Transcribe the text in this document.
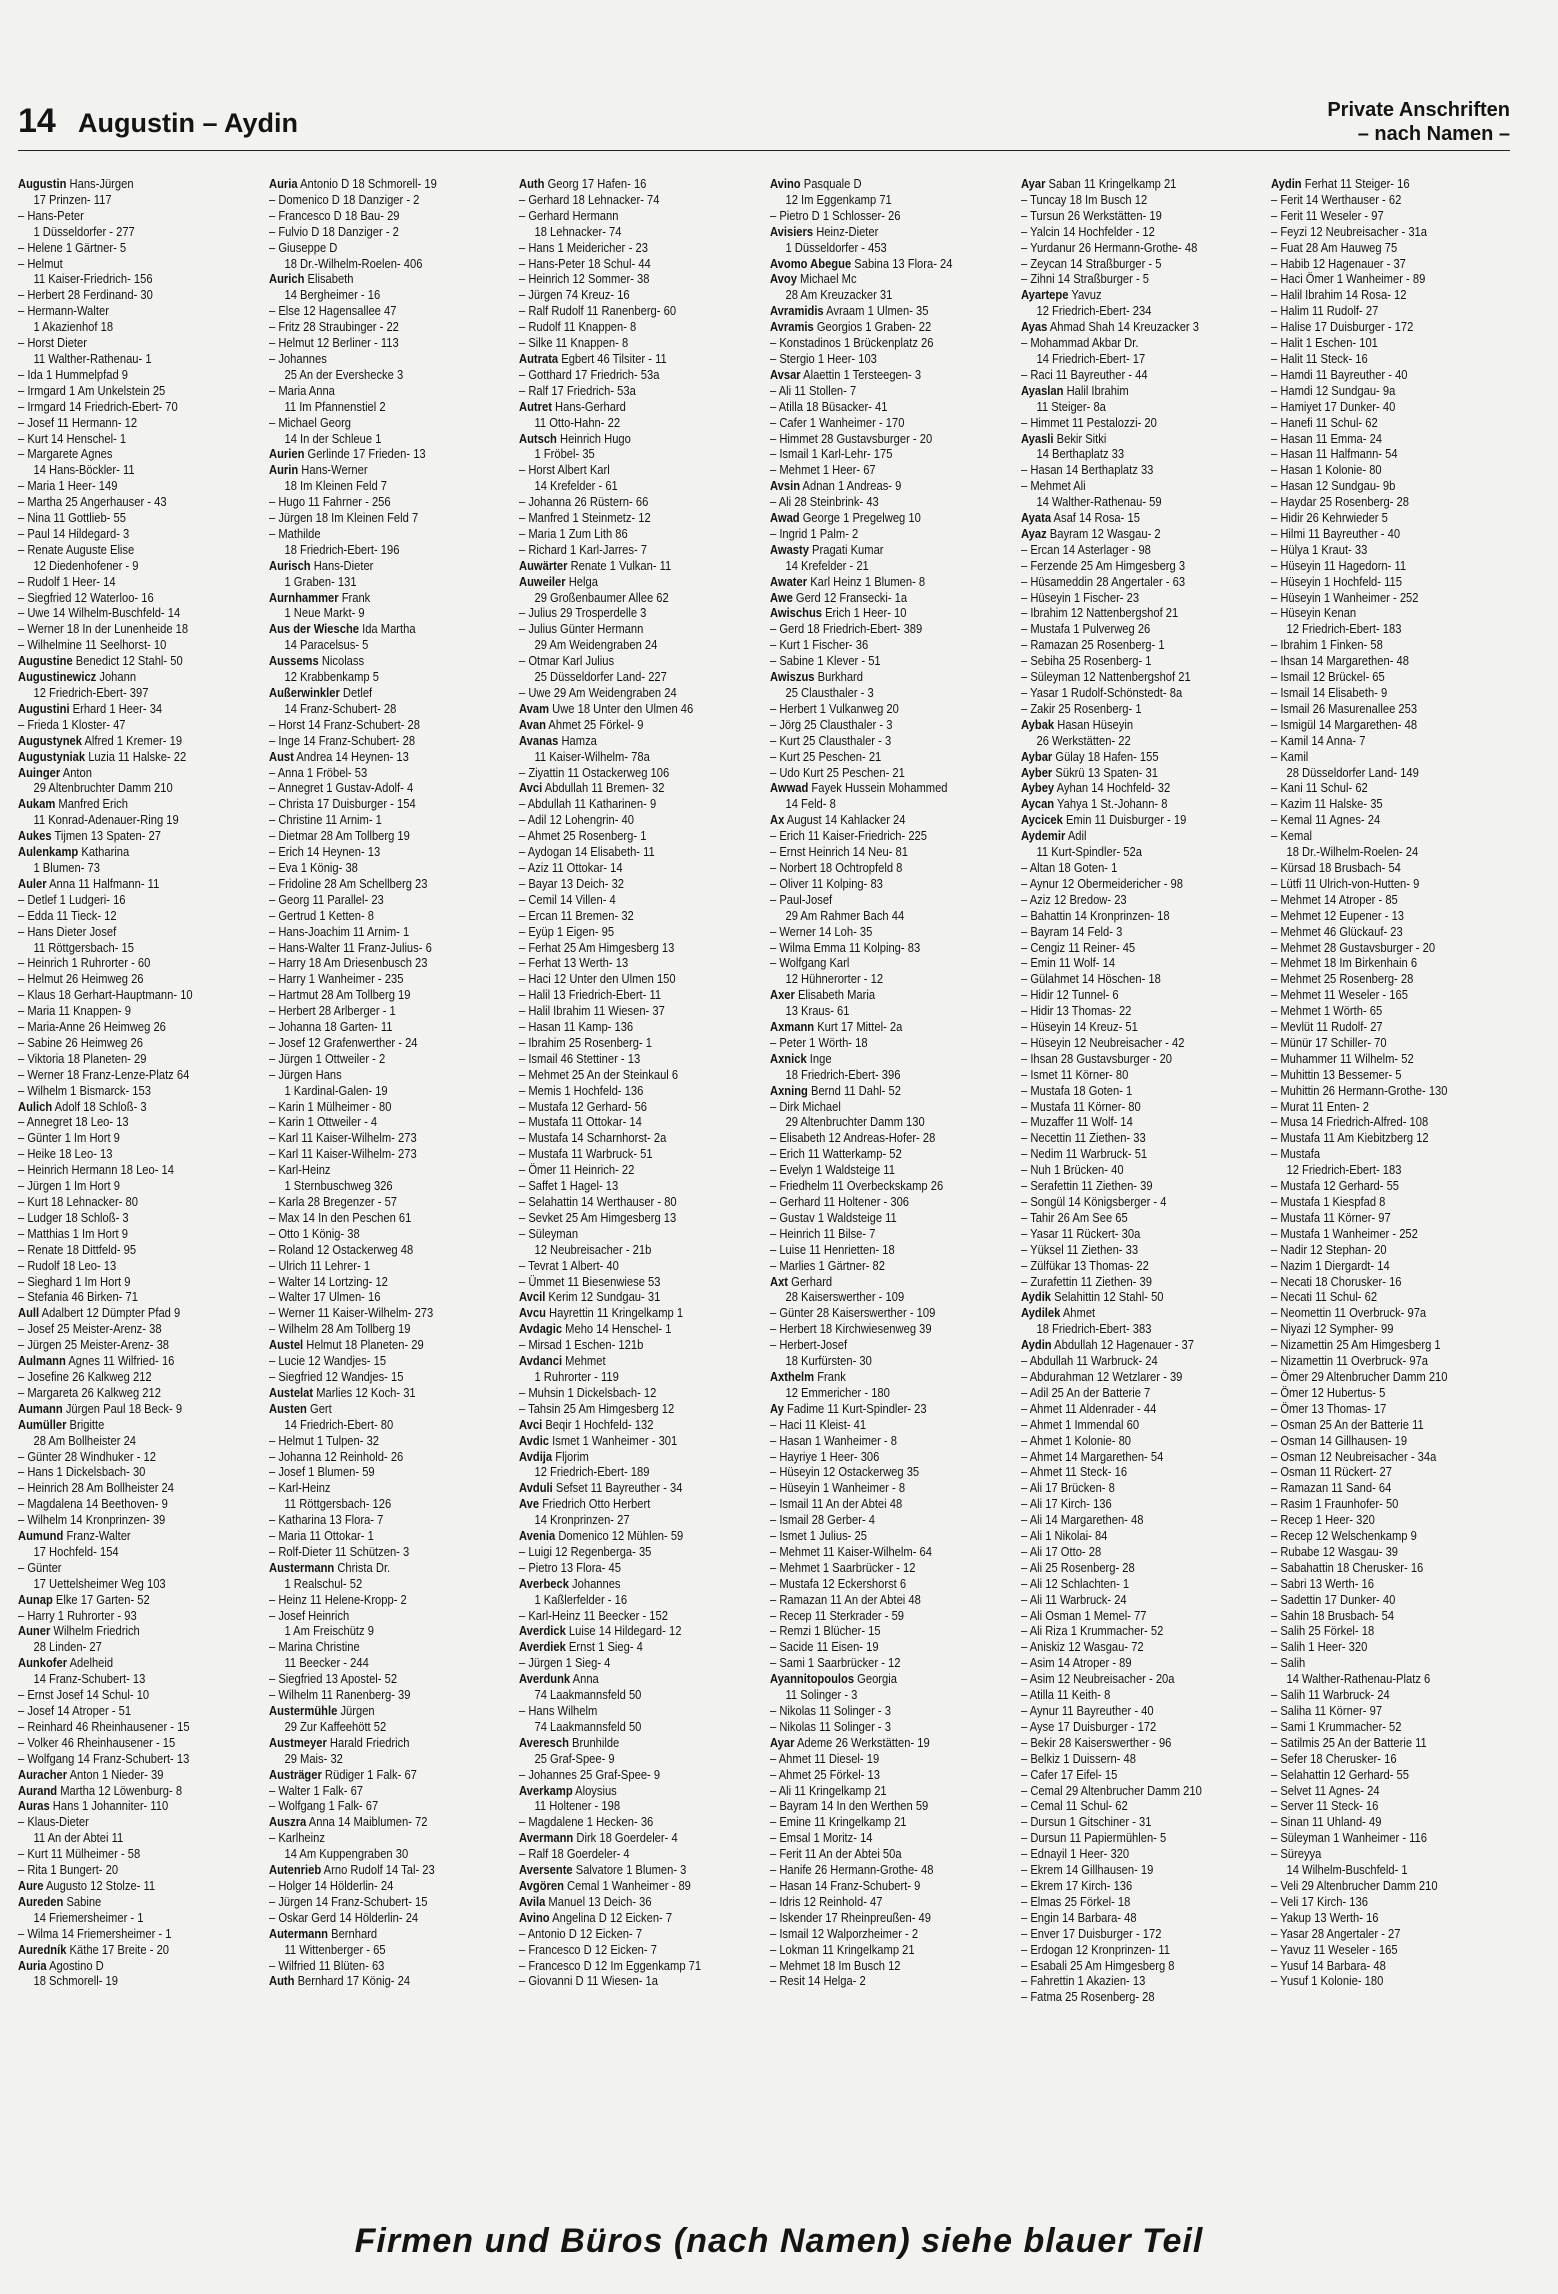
14 Augustin – Aydin	Private Anschriften
– nach Namen –
Augustin Hans-Jürgen
17 Prinzen- 117
– Hans-Peter
1 Düsseldorfer - 277
– Helene 1 Gärtner- 5
– Helmut
11 Kaiser-Friedrich- 156
– Herbert 28 Ferdinand- 30
– Hermann-Walter
1 Akazienhof 18
– Horst Dieter
11 Walther-Rathenau- 1
– Ida 1 Hummelpfad 9
– Irmgard 1 Am Unkelstein 25
– Irmgard 14 Friedrich-Ebert- 70
– Josef 11 Hermann- 12
– Kurt 14 Henschel- 1
– Margarete Agnes
14 Hans-Böckler- 11
– Maria 1 Heer- 149
– Martha 25 Angerhauser - 43
– Nina 11 Gottlieb- 55
– Paul 14 Hildegard- 3
– Renate Auguste Elise
12 Diedenhofener - 9
– Rudolf 1 Heer- 14
– Siegfried 12 Waterloo- 16
– Uwe 14 Wilhelm-Buschfeld- 14
– Werner 18 In der Lunenheide 18
– Wilhelmine 11 Seelhorst- 10
Augustine Benedict 12 Stahl- 50
Augustinewicz Johann
12 Friedrich-Ebert- 397
Augustini Erhard 1 Heer- 34
– Frieda 1 Kloster- 47
Augustynek Alfred 1 Kremer- 19
Augustyniak Luzia 11 Halske- 22
Auinger Anton
29 Altenbruchter Damm 210
Aukam Manfred Erich
11 Konrad-Adenauer-Ring 19
Aukes Tijmen 13 Spaten- 27
Aulenkamp Katharina
1 Blumen- 73
Auler Anna 11 Halfmann- 11
– Detlef 1 Ludgeri- 16
– Edda 11 Tieck- 12
– Hans Dieter Josef
11 Röttgersbach- 15
– Heinrich 1 Ruhrorter - 60
– Helmut 26 Heimweg 26
– Klaus 18 Gerhart-Hauptmann- 10
– Maria 11 Knappen- 9
– Maria-Anne 26 Heimweg 26
– Sabine 26 Heimweg 26
– Viktoria 18 Planeten- 29
– Werner 18 Franz-Lenze-Platz 64
– Wilhelm 1 Bismarck- 153
Aulich Adolf 18 Schloß- 3
– Annegret 18 Leo- 13
– Günter 1 Im Hort 9
– Heike 18 Leo- 13
– Heinrich Hermann 18 Leo- 14
– Jürgen 1 Im Hort 9
– Kurt 18 Lehnacker- 80
– Ludger 18 Schloß- 3
– Matthias 1 Im Hort 9
– Renate 18 Dittfeld- 95
– Rudolf 18 Leo- 13
– Sieghard 1 Im Hort 9
– Stefania 46 Birken- 71
Aull Adalbert 12 Dümpter Pfad 9
– Josef 25 Meister-Arenz- 38
– Jürgen 25 Meister-Arenz- 38
Aulmann Agnes 11 Wilfried- 16
– Josefine 26 Kalkweg 212
– Margareta 26 Kalkweg 212
Aumann Jürgen Paul 18 Beck- 9
Aumüller Brigitte
28 Am Bollheister 24
– Günter 28 Windhuker - 12
– Hans 1 Dickelsbach- 30
– Heinrich 28 Am Bollheister 24
– Magdalena 14 Beethoven- 9
– Wilhelm 14 Kronprinzen- 39
Aumund Franz-Walter
17 Hochfeld- 154
– Günter
17 Uettelsheimer Weg 103
Aunap Elke 17 Garten- 52
– Harry 1 Ruhrorter - 93
Auner Wilhelm Friedrich
28 Linden- 27
Aunkofer Adelheid
14 Franz-Schubert- 13
– Ernst Josef 14 Schul- 10
– Josef 14 Atroper - 51
– Reinhard 46 Rheinhausener - 15
– Volker 46 Rheinhausener - 15
– Wolfgang 14 Franz-Schubert- 13
Auracher Anton 1 Nieder- 39
Aurand Martha 12 Löwenburg- 8
Auras Hans 1 Johanniter- 110
– Klaus-Dieter
11 An der Abtei 11
– Kurt 11 Mülheimer - 58
– Rita 1 Bungert- 20
Aure Augusto 12 Stolze- 11
Aureden Sabine
14 Friemersheimer - 1
– Wilma 14 Friemersheimer - 1
Auredník Käthe 17 Breite - 20
Auria Agostino D
18 Schmorell- 19
Auria Antonio D 18 Schmorell- 19
– Domenico D 18 Danziger - 2
– Francesco D 18 Bau- 29
– Fulvio D 18 Danziger - 2
– Giuseppe D
18 Dr.-Wilhelm-Roelen- 406
Aurich Elisabeth
14 Bergheimer - 16
– Else 12 Hagensallee 47
– Fritz 28 Straubinger - 22
– Helmut 12 Berliner - 113
– Johannes
25 An der Evershecke 3
– Maria Anna
11 Im Pfannenstiel 2
– Michael Georg
14 In der Schleue 1
Aurien Gerlinde 17 Frieden- 13
Aurin Hans-Werner
18 Im Kleinen Feld 7
– Hugo 11 Fahrner - 256
– Jürgen 18 Im Kleinen Feld 7
– Mathilde
18 Friedrich-Ebert- 196
Aurisch Hans-Dieter
1 Graben- 131
Aurnhammer Frank
1 Neue Markt- 9
Aus der Wiesche Ida Martha
14 Paracelsus- 5
Aussems Nicolass
12 Krabbenkamp 5
Außerwinkler Detlef
14 Franz-Schubert- 28
– Horst 14 Franz-Schubert- 28
– Inge 14 Franz-Schubert- 28
Aust Andrea 14 Heynen- 13
– Anna 1 Fröbel- 53
– Annegret 1 Gustav-Adolf- 4
– Christa 17 Duisburger - 154
– Christine 11 Arnim- 1
– Dietmar 28 Am Tollberg 19
– Erich 14 Heynen- 13
– Eva 1 König- 38
– Fridoline 28 Am Schellberg 23
– Georg 11 Parallel- 23
– Gertrud 1 Ketten- 8
– Hans-Joachim 11 Arnim- 1
– Hans-Walter 11 Franz-Julius- 6
– Harry 18 Am Driesenbusch 23
– Harry 1 Wanheimer - 235
– Hartmut 28 Am Tollberg 19
– Herbert 28 Arlberger - 1
– Johanna 18 Garten- 11
– Josef 12 Grafenwerther - 24
– Jürgen 1 Ottweiler - 2
– Jürgen Hans
1 Kardinal-Galen- 19
– Karin 1 Mülheimer - 80
– Karin 1 Ottweiler - 4
– Karl 11 Kaiser-Wilhelm- 273
– Karl 11 Kaiser-Wilhelm- 273
– Karl-Heinz
1 Sternbuschweg 326
– Karla 28 Bregenzer - 57
– Max 14 In den Peschen 61
– Otto 1 König- 38
– Roland 12 Ostackerweg 48
– Ulrich 11 Lehrer- 1
– Walter 14 Lortzing- 12
– Walter 17 Ulmen- 16
– Werner 11 Kaiser-Wilhelm- 273
– Wilhelm 28 Am Tollberg 19
Austel Helmut 18 Planeten- 29
– Lucie 12 Wandjes- 15
– Siegfried 12 Wandjes- 15
Austelat Marlies 12 Koch- 31
Austen Gert
14 Friedrich-Ebert- 80
– Helmut 1 Tulpen- 32
– Johanna 12 Reinhold- 26
– Josef 1 Blumen- 59
– Karl-Heinz
11 Röttgersbach- 126
– Katharina 13 Flora- 7
– Maria 11 Ottokar- 1
– Rolf-Dieter 11 Schützen- 3
Austermann Christa Dr.
1 Realschul- 52
– Heinz 11 Helene-Kropp- 2
– Josef Heinrich
1 Am Freischütz 9
– Marina Christine
11 Beecker - 244
– Siegfried 13 Apostel- 52
– Wilhelm 11 Ranenberg- 39
Austermühle Jürgen
29 Zur Kaffeehött 52
Austmeyer Harald Friedrich
29 Mais- 32
Austräger Rüdiger 1 Falk- 67
– Walter 1 Falk- 67
– Wolfgang 1 Falk- 67
Auszra Anna 14 Maiblumen- 72
– Karlheinz
14 Am Kuppengraben 30
Autenrieb Arno Rudolf 14 Tal- 23
– Holger 14 Hölderlin- 24
– Jürgen 14 Franz-Schubert- 15
– Oskar Gerd 14 Hölderlin- 24
Autermann Bernhard
11 Wittenberger - 65
– Wilfried 11 Blüten- 63
Auth Bernhard 17 König- 24
Auth Georg 17 Hafen- 16
– Gerhard 18 Lehnacker- 74
– Gerhard Hermann
18 Lehnacker- 74
– Hans 1 Meiderichег - 23
– Hans-Peter 18 Schul- 44
– Heinrich 12 Sommer- 38
– Jürgen 74 Kreuz- 16
– Ralf Rudolf 11 Ranenberg- 60
– Rudolf 11 Knappen- 8
– Silke 11 Knappen- 8
Autrata Egbert 46 Tilsiter - 11
– Gotthard 17 Friedrich- 53a
– Ralf 17 Friedrich- 53a
Autret Hans-Gerhard
11 Otto-Hahn- 22
Autsch Heinrich Hugo
1 Fröbel- 35
– Horst Albert Karl
14 Krefelder - 61
– Johanna 26 Rüstern- 66
– Manfred 1 Steinmetz- 12
– Maria 1 Zum Lith 86
– Richard 1 Karl-Jarres- 7
Auwärter Renate 1 Vulkan- 11
Auweiler Helga
29 Großenbaumer Allee 62
– Julius 29 Trosperdelle 3
– Julius Günter Hermann
29 Am Weidengraben 24
– Otmar Karl Julius
25 Düsseldorfer Land- 227
– Uwe 29 Am Weidengraben 24
Avam Uwe 18 Unter den Ulmen 46
Avan Ahmet 25 Förkel- 9
Avanas Hamza
11 Kaiser-Wilhelm- 78a
– Ziyattin 11 Ostackerweg 106
Avci Abdullah 11 Bremen- 32
– Abdullah 11 Katharinen- 9
– Adil 12 Lohengrin- 40
– Ahmet 25 Rosenberg- 1
– Aydogan 14 Elisabeth- 11
– Aziz 11 Ottokar- 14
– Bayar 13 Deich- 32
– Cemil 14 Villen- 4
– Ercan 11 Bremen- 32
– Eyüp 1 Eigen- 95
– Ferhat 25 Am Himgesberg 13
– Ferhat 13 Werth- 13
– Haci 12 Unter den Ulmen 150
– Halil 13 Friedrich-Ebert- 11
– Halil Ibrahim 11 Wiesen- 37
– Hasan 11 Kamp- 136
– Ibrahim 25 Rosenberg- 1
– Ismail 46 Stettiner - 13
– Mehmet 25 An der Steinkaul 6
– Memis 1 Hochfeld- 136
– Mustafa 12 Gerhard- 56
– Mustafa 11 Ottokar- 14
– Mustafa 14 Scharnhorst- 2a
– Mustafa 11 Warbruck- 51
– Ömer 11 Heinrich- 22
– Saffet 1 Hagel- 13
– Selahattin 14 Werthauser - 80
– Sevket 25 Am Himgesberg 13
– Süleyman
12 Neubreisacher - 21b
– Tevrat 1 Albert- 40
– Ümmet 11 Biesenwiese 53
Avcil Kerim 12 Sundgau- 31
Avcu Hayrettin 11 Kringelkamp 1
Avdagic Meho 14 Henschel- 1
– Mirsad 1 Eschen- 121b
Avdanci Mehmet
1 Ruhrorter - 119
– Muhsin 1 Dickelsbach- 12
– Tahsin 25 Am Himgesberg 12
Avci Beqir 1 Hochfeld- 132
Avdic Ismet 1 Wanheimer - 301
Avdija Fljorim
12 Friedrich-Ebert- 189
Avduli Sefset 11 Bayreuther - 34
Ave Friedrich Otto Herbert
14 Kronprinzen- 27
Avenia Domenico 12 Mühlen- 59
– Luigi 12 Regenberga- 35
– Pietro 13 Flora- 45
Averbeck Johannes
1 Kaßlerfelder - 16
– Karl-Heinz 11 Beecker - 152
Averdick Luise 14 Hildegard- 12
Averdiek Ernst 1 Sieg- 4
– Jürgen 1 Sieg- 4
Averdunk Anna
74 Laakmannsfeld 50
– Hans Wilhelm
74 Laakmannsfeld 50
Averesch Brunhilde
25 Graf-Spee- 9
– Johannes 25 Graf-Spee- 9
Averkamp Aloysius
11 Holtener - 198
– Magdalene 1 Hecken- 36
Avermann Dirk 18 Goerdeler- 4
– Ralf 18 Goerdeler- 4
Aversente Salvatore 1 Blumen- 3
Avgören Cemal 1 Wanheimer - 89
Avila Manuel 13 Deich- 36
Avino Angelina D 12 Eicken- 7
– Antonio D 12 Eicken- 7
– Francesco D 12 Eicken- 7
– Francesco D 12 Im Eggenkamp 71
– Giovanni D 11 Wiesen- 1a
Avino Pasquale D
12 Im Eggenkamp 71
– Pietro D 1 Schlosser- 26
Avisiers Heinz-Dieter
1 Düsseldorfer - 453
Avomo Abegue Sabina 13 Flora- 24
Avoy Michael Mc
28 Am Kreuzacker 31
Avramidis Avraam 1 Ulmen- 35
Avramis Georgios 1 Graben- 22
– Konstadinos 1 Brückenplatz 26
– Stergio 1 Heer- 103
Avsar Alaettin 1 Tersteegen- 3
– Ali 11 Stollen- 7
– Atilla 18 Büsacker- 41
– Cafer 1 Wanheimer - 170
– Himmet 28 Gustavsburger - 20
– Ismail 1 Karl-Lehr- 175
– Mehmet 1 Heer- 67
Avsin Adnan 1 Andreas- 9
– Ali 28 Steinbrink- 43
Awad George 1 Pregelweg 10
– Ingrid 1 Palm- 2
Awasty Pragati Kumar
14 Krefelder - 21
Awater Karl Heinz 1 Blumen- 8
Awe Gerd 12 Franseckі- 1a
Awischus Erich 1 Heer- 10
– Gerd 18 Friedrich-Ebert- 389
– Kurt 1 Fischer- 36
– Sabine 1 Klever - 51
Awiszus Burkhard
25 Clausthaler - 3
– Herbert 1 Vulkanweg 20
– Jörg 25 Clausthaler - 3
– Kurt 25 Clausthaler - 3
– Kurt 25 Peschen- 21
– Udo Kurt 25 Peschen- 21
Awwad Fayek Hussein Mohammed
14 Feld- 8
Ax August 14 Kahlacker 24
– Erich 11 Kaiser-Friedrich- 225
– Ernst Heinrich 14 Neu- 81
– Norbert 18 Ochtropfeld 8
– Oliver 11 Kolping- 83
– Paul-Josef
29 Am Rahmer Bach 44
– Werner 14 Loh- 35
– Wilma Emma 11 Kolping- 83
– Wolfgang Karl
12 Hühnerorter - 12
Axer Elisabeth Maria
13 Kraus- 61
Axmann Kurt 17 Mittel- 2a
– Peter 1 Wörth- 18
Axnick Inge
18 Friedrich-Ebert- 396
Axning Bernd 11 Dahl- 52
– Dirk Michael
29 Altenbruchter Damm 130
– Elisabeth 12 Andreas-Hofer- 28
– Erich 11 Watterkamp- 52
– Evelyn 1 Waldsteige 11
– Friedhelm 11 Overbeckskamp 26
– Gerhard 11 Holtener - 306
– Gustav 1 Waldsteige 11
– Heinrich 11 Bilse- 7
– Luise 11 Henrietten- 18
– Marlies 1 Gärtner- 82
Axt Gerhard
28 Kaiserswerther - 109
– Günter 28 Kaiserswerther - 109
– Herbert 18 Kirchwiesenweg 39
– Herbert-Josef
18 Kurfürsten- 30
Axthelm Frank
12 Emmericher - 180
Ay Fadime 11 Kurt-Spindler- 23
– Haci 11 Kleist- 41
– Hasan 1 Wanheimer - 8
– Hayriye 1 Heer- 306
– Hüseyin 12 Ostackerweg 35
– Hüseyin 1 Wanheimer - 8
– Ismail 11 An der Abtei 48
– Ismail 28 Gerber- 4
– Ismet 1 Julius- 25
– Mehmet 11 Kaiser-Wilhelm- 64
– Mehmet 1 Saarbrücker - 12
– Mustafa 12 Eckershorst 6
– Ramazan 11 An der Abtei 48
– Recep 11 Sterkrader - 59
– Remzi 1 Blücher- 15
– Sacide 11 Eisen- 19
– Sami 1 Saarbrücker - 12
Ayannitopoulos Georgia
11 Solinger - 3
– Nikolas 11 Solinger - 3
– Nikolas 11 Solinger - 3
Ayar Ademe 26 Werkstätten- 19
– Ahmet 11 Diesel- 19
– Ahmet 25 Förkel- 13
– Ali 11 Kringelkamp 21
– Bayram 14 In den Werthen 59
– Emine 11 Kringelkamp 21
– Emsal 1 Moritz- 14
– Ferit 11 An der Abtei 50a
– Hanife 26 Hermann-Grothe- 48
– Hasan 14 Franz-Schubert- 9
– Idris 12 Reinhold- 47
– Iskender 17 Rheinpreußen- 49
– Ismail 12 Walporzheimer - 2
– Lokman 11 Kringelkamp 21
– Mehmet 18 Im Busch 12
– Resit 14 Helga- 2
Ayar Saban 11 Kringelkamp 21
– Tuncay 18 Im Busch 12
– Tursun 26 Werkstätten- 19
– Yalcin 14 Hochfelder - 12
– Yurdanur 26 Hermann-Grothe- 48
– Zeycan 14 Straßburger - 5
– Zihni 14 Straßburger - 5
Ayartepe Yavuz
12 Friedrich-Ebert- 234
Ayas Ahmad Shah 14 Kreuzacker 3
– Mohammad Akbar Dr.
14 Friedrich-Ebert- 17
– Raci 11 Bayreuther - 44
Ayaslan Halil Ibrahim
11 Steiger- 8a
– Himmet 11 Pestalozzi- 20
Ayasli Bekir Sitki
14 Berthaplatz 33
– Hasan 14 Berthaplatz 33
– Mehmet Ali
14 Walther-Rathenau- 59
Ayata Asaf 14 Rosa- 15
Ayaz Bayram 12 Wasgau- 2
– Ercan 14 Asterlager - 98
– Ferzende 25 Am Himgesberg 3
– Hüsameddin 28 Angertaler - 63
– Hüseyin 1 Fischer- 23
– Ibrahim 12 Nattenbergshof 21
– Mustafa 1 Pulverweg 26
– Ramazan 25 Rosenberg- 1
– Sebiha 25 Rosenberg- 1
– Süleyman 12 Nattenbergshof 21
– Yasar 1 Rudolf-Schönstedt- 8a
– Zakir 25 Rosenberg- 1
Aybak Hasan Hüseyin
26 Werkstätten- 22
Aybar Gülay 18 Hafen- 155
Ayber Sükrü 13 Spaten- 31
Aybey Ayhan 14 Hochfeld- 32
Aycan Yahya 1 St.-Johann- 8
Aycicek Emin 11 Duisburger - 19
Aydemir Adil
11 Kurt-Spindler- 52a
– Altan 18 Goten- 1
– Aynur 12 Obermeidericher - 98
– Aziz 12 Bredow- 23
– Bahattin 14 Kronprinzen- 18
– Bayram 14 Feld- 3
– Cengiz 11 Reiner- 45
– Emin 11 Wolf- 14
– Gülahmet 14 Höschen- 18
– Hidir 12 Tunnel- 6
– Hidir 13 Thomas- 22
– Hüseyin 14 Kreuz- 51
– Hüseyin 12 Neubreisacher - 42
– Ihsan 28 Gustavsburger - 20
– Ismet 11 Körner- 80
– Mustafa 18 Goten- 1
– Mustafa 11 Körner- 80
– Muzaffer 11 Wolf- 14
– Necettin 11 Ziethen- 33
– Nedim 11 Warbruck- 51
– Nuh 1 Brücken- 40
– Serafettin 11 Ziethen- 39
– Songül 14 Königsberger - 4
– Tahir 26 Am See 65
– Yasar 11 Rückert- 30a
– Yüksel 11 Ziethen- 33
– Zülfükar 13 Thomas- 22
– Zurafettin 11 Ziethen- 39
Aydik Selahittin 12 Stahl- 50
Aydilek Ahmet
18 Friedrich-Ebert- 383
Aydin Abdullah 12 Hagenauer - 37
– Abdullah 11 Warbruck- 24
– Abdurahman 12 Wetzlarer - 39
– Adil 25 An der Batterie 7
– Ahmet 11 Aldenrader - 44
– Ahmet 1 Immendal 60
– Ahmet 1 Kolonie- 80
– Ahmet 14 Margarethen- 54
– Ahmet 11 Steck- 16
– Ali 17 Brücken- 8
– Ali 17 Kirch- 136
– Ali 14 Margarethen- 48
– Ali 1 Nikolai- 84
– Ali 17 Otto- 28
– Ali 25 Rosenberg- 28
– Ali 12 Schlachten- 1
– Ali 11 Warbruck- 24
– Ali Osman 1 Memel- 77
– Ali Riza 1 Krummacher- 52
– Aniskiz 12 Wasgau- 72
– Asim 14 Atroper - 89
– Asim 12 Neubreisacher - 20a
– Atilla 11 Keith- 8
– Aynur 11 Bayreuther - 40
– Ayse 17 Duisburger - 172
– Bekir 28 Kaiserswerther - 96
– Belkiz 1 Duissern- 48
– Cafer 17 Eifel- 15
– Cemal 29 Altenbrucher Damm 210
– Cemal 11 Schul- 62
– Dursun 1 Gitschiner - 31
– Dursun 11 Papiermühlen- 5
– Ednayil 1 Heer- 320
– Ekrem 14 Gillhausen- 19
– Ekrem 17 Kirch- 136
– Elmas 25 Förkel- 18
– Engin 14 Barbara- 48
– Enver 17 Duisburger - 172
– Erdogan 12 Kronprinzen- 11
– Esabali 25 Am Himgesberg 8
– Fahrettin 1 Akazien- 13
– Fatma 25 Rosenberg- 28
Aydin Ferhat 11 Steiger- 16
– Ferit 14 Werthauser - 62
– Ferit 11 Weseler - 97
– Feyzi 12 Neubreisacher - 31a
– Fuat 28 Am Hauweg 75
– Habib 12 Hagenauer - 37
– Haci Ömer 1 Wanheimer - 89
– Halil Ibrahim 14 Rosa- 12
– Halim 11 Rudolf- 27
– Halise 17 Duisburger - 172
– Halit 1 Eschen- 101
– Halit 11 Steck- 16
– Hamdi 11 Bayreuther - 40
– Hamdi 12 Sundgau- 9a
– Hamiyet 17 Dunker- 40
– Hanefi 11 Schul- 62
– Hasan 11 Emma- 24
– Hasan 11 Halfmann- 54
– Hasan 1 Kolonie- 80
– Hasan 12 Sundgau- 9b
– Haydar 25 Rosenberg- 28
– Hidir 26 Kehrwieder 5
– Hilmi 11 Bayreuther - 40
– Hülya 1 Kraut- 33
– Hüseyin 11 Hagedorn- 11
– Hüseyin 1 Hochfeld- 115
– Hüseyin 1 Wanheimer - 252
– Hüseyin Kenan
12 Friedrich-Ebert- 183
– Ibrahim 1 Finken- 58
– Ihsan 14 Margarethen- 48
– Ismail 12 Brückel- 65
– Ismail 14 Elisabeth- 9
– Ismail 26 Masurenallee 253
– Ismigül 14 Margarethen- 48
– Kamil 14 Anna- 7
– Kamil
28 Düsseldorfer Land- 149
– Kani 11 Schul- 62
– Kazim 11 Halske- 35
– Kemal 11 Agnes- 24
– Kemal
18 Dr.-Wilhelm-Roelen- 24
– Kürsad 18 Brusbach- 54
– Lütfi 11 Ulrich-von-Hutten- 9
– Mehmet 14 Atroper - 85
– Mehmet 12 Eupener - 13
– Mehmet 46 Glückauf- 23
– Mehmet 28 Gustavsburger - 20
– Mehmet 18 Im Birkenhain 6
– Mehmet 25 Rosenberg- 28
– Mehmet 11 Weseler - 165
– Mehmet 1 Wörth- 65
– Mevlüt 11 Rudolf- 27
– Münür 17 Schiller- 70
– Muhammer 11 Wilhelm- 52
– Muhittin 13 Bessemer- 5
– Muhittin 26 Hermann-Grothe- 130
– Murat 11 Enten- 2
– Musa 14 Friedrich-Alfred- 108
– Mustafa 11 Am Kiebitzberg 12
– Mustafa
12 Friedrich-Ebert- 183
– Mustafa 12 Gerhard- 55
– Mustafa 1 Kiespfad 8
– Mustafa 11 Körner- 97
– Mustafa 1 Wanheimer - 252
– Nadir 12 Stephan- 20
– Nazim 1 Diergardt- 14
– Necati 18 Chorusker- 16
– Necati 11 Schul- 62
– Neomettin 11 Overbruck- 97a
– Niyazi 12 Sympher- 99
– Nizamettin 25 Am Himgesberg 1
– Nizamettin 11 Overbruck- 97a
– Ömer 29 Altenbrucher Damm 210
– Ömer 12 Hubertus- 5
– Ömer 13 Thomas- 17
– Osman 25 An der Batterie 11
– Osman 14 Gillhausen- 19
– Osman 12 Neubreisacher - 34a
– Osman 11 Rückert- 27
– Ramazan 11 Sand- 64
– Rasim 1 Fraunhofer- 50
– Recep 1 Heer- 320
– Recep 12 Welschenkamp 9
– Rubabe 12 Wasgau- 39
– Sabahattin 18 Cheruskеr- 16
– Sabri 13 Werth- 16
– Sadettin 17 Dunker- 40
– Sahin 18 Brusbach- 54
– Salih 25 Förkel- 18
– Salih 1 Heer- 320
– Salih
14 Walther-Rathenau-Platz 6
– Salih 11 Warbruck- 24
– Saliha 11 Körner- 97
– Sami 1 Krummacher- 52
– Satilmis 25 An der Batterie 11
– Sefer 18 Cherusker- 16
– Selahattin 12 Gerhard- 55
– Selvet 11 Agnes- 24
– Server 11 Steck- 16
– Sinan 11 Uhland- 49
– Süleyman 1 Wanheimer - 116
– Süreyya
14 Wilhelm-Buschfeld- 1
– Veli 29 Altenbrucher Damm 210
– Veli 17 Kirch- 136
– Yakup 13 Werth- 16
– Yasar 28 Angertaler - 27
– Yavuz 11 Weseler - 165
– Yusuf 14 Barbara- 48
– Yusuf 1 Kolonie- 180
Firmen und Büros (nach Namen) siehe blauer Teil
